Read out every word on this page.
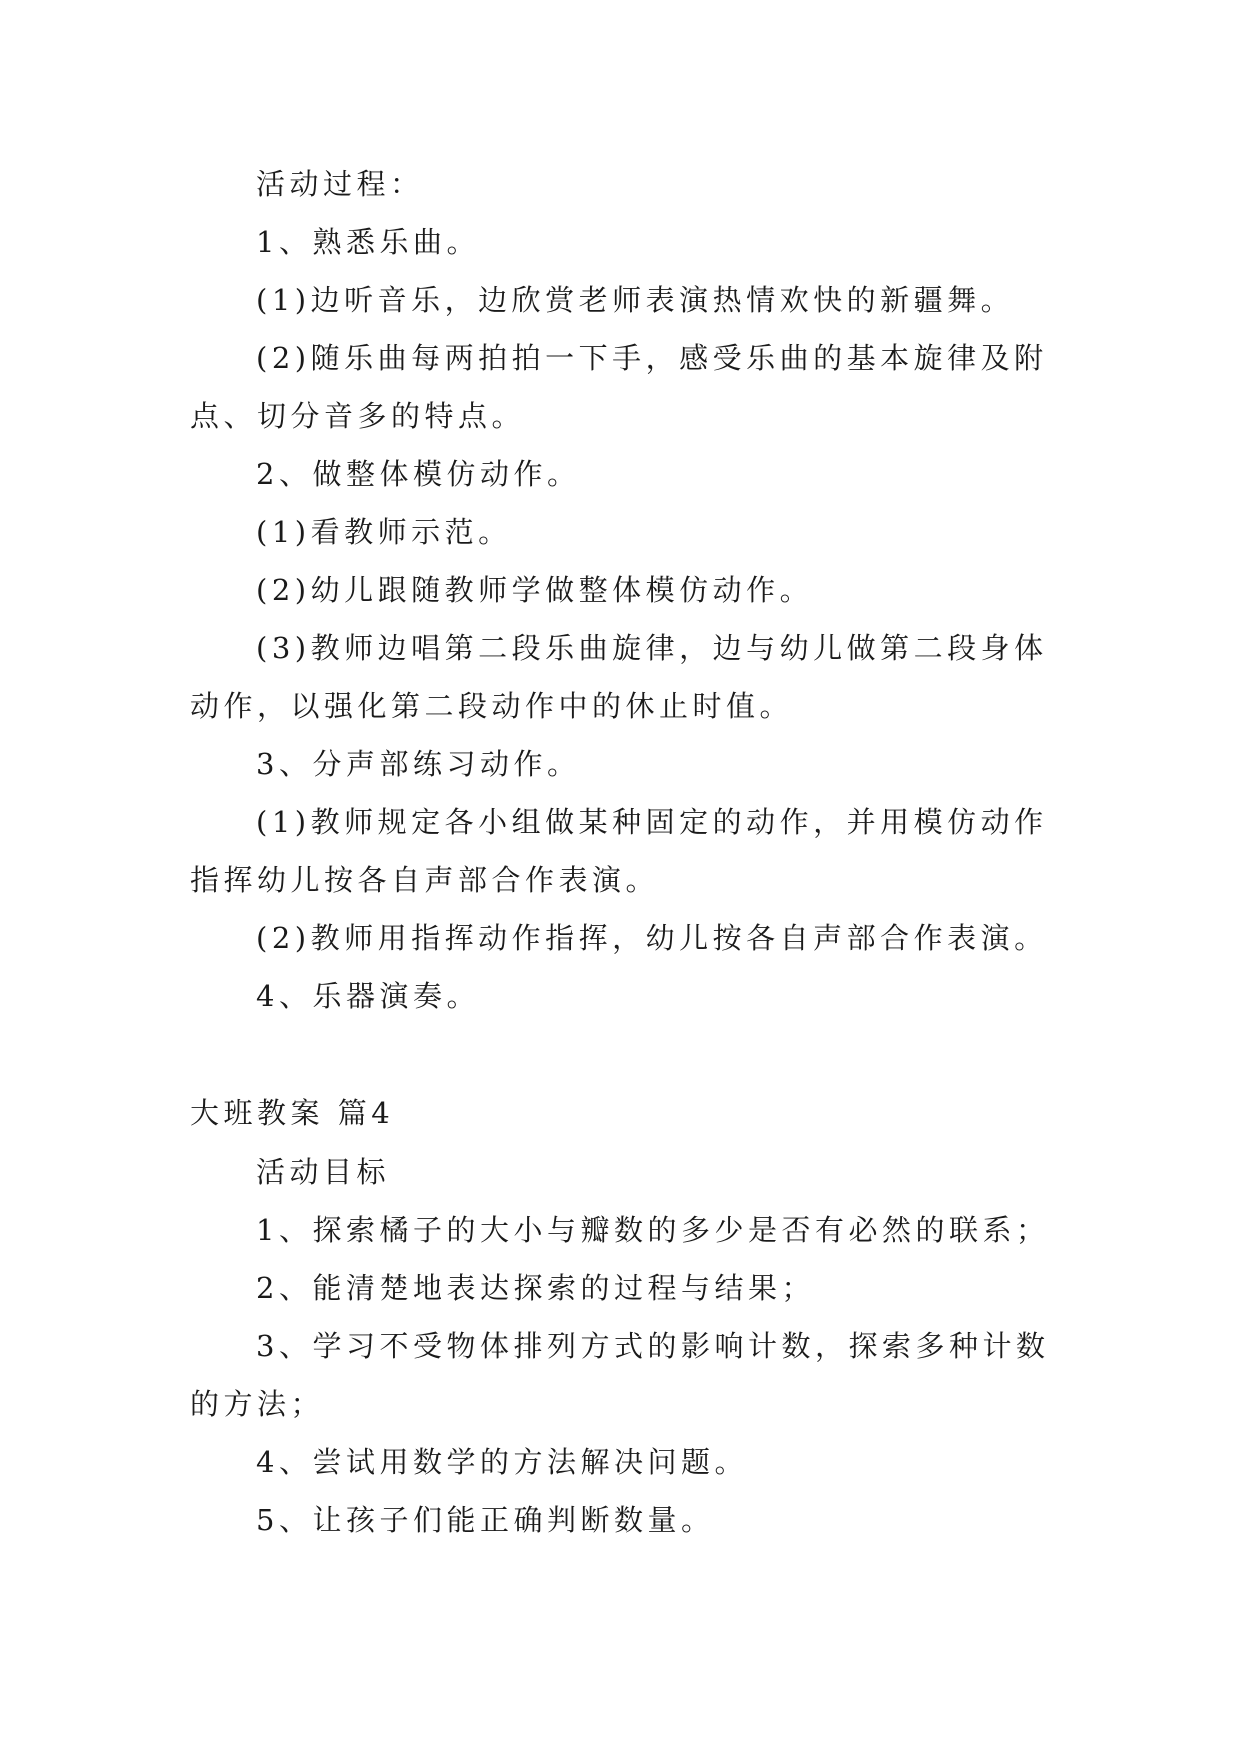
活动过程：
1、熟悉乐曲。
(1)边听音乐，边欣赏老师表演热情欢快的新疆舞。
(2)随乐曲每两拍拍一下手，感受乐曲的基本旋律及附
点、切分音多的特点。
2、做整体模仿动作。
(1)看教师示范。
(2)幼儿跟随教师学做整体模仿动作。
(3)教师边唱第二段乐曲旋律，边与幼儿做第二段身体
动作，以强化第二段动作中的休止时值。
3、分声部练习动作。
(1)教师规定各小组做某种固定的动作，并用模仿动作
指挥幼儿按各自声部合作表演。
(2)教师用指挥动作指挥，幼儿按各自声部合作表演。
4、乐器演奏。
大班教案 篇4
活动目标
1、探索橘子的大小与瓣数的多少是否有必然的联系；
2、能清楚地表达探索的过程与结果；
3、学习不受物体排列方式的影响计数，探索多种计数
的方法；
4、尝试用数学的方法解决问题。
5、让孩子们能正确判断数量。
